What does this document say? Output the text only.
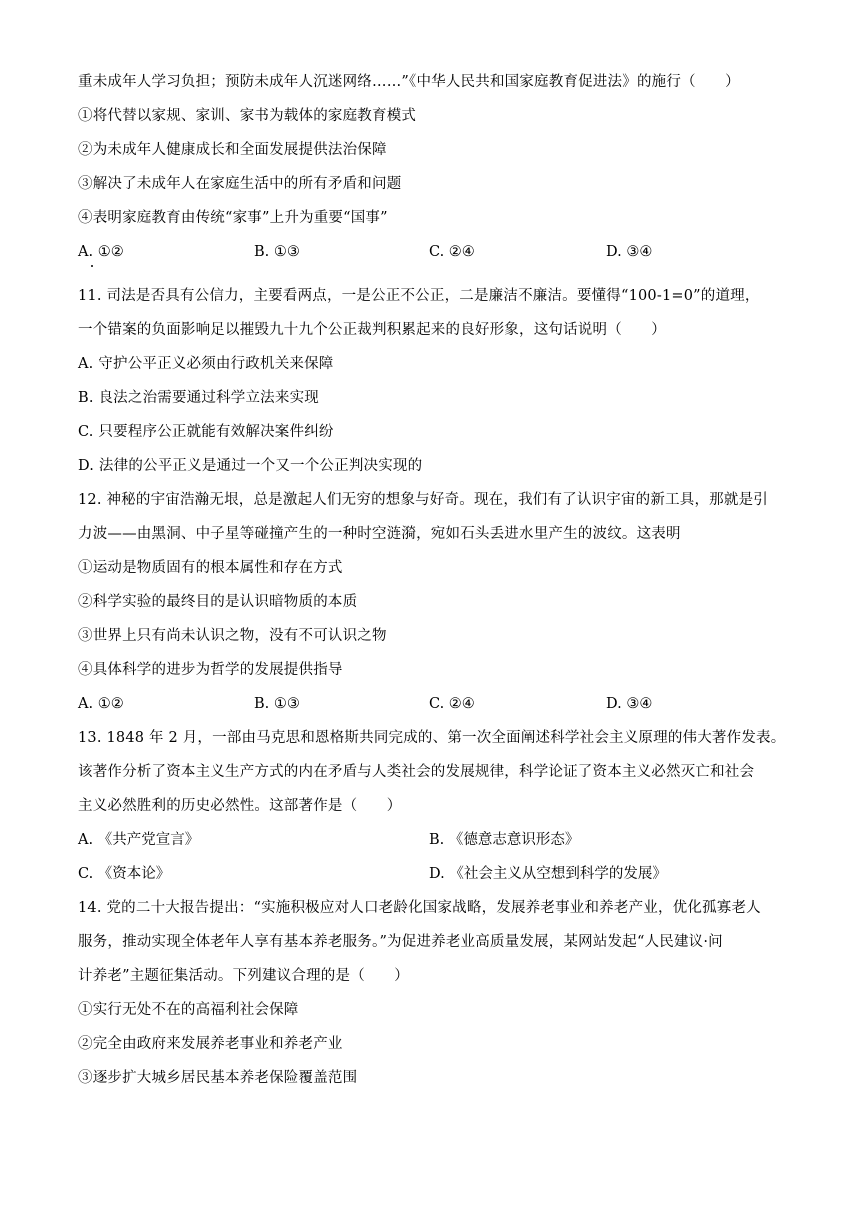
重未成年人学习负担；预防未成年人沉迷网络……”《中华人民共和国家庭教育促进法》的施行（　　）
①将代替以家规、家训、家书为载体的家庭教育模式
②为未成年人健康成长和全面发展提供法治保障
③解决了未成年人在家庭生活中的所有矛盾和问题
④表明家庭教育由传统“家事”上升为重要“国事”
A. ①②	B. ①③	C. ②④	D. ③④
11. 司法是否具有公信力，主要看两点，一是公正不公正，二是廉洁不廉洁。要懂得“100-1=0”的道理，
一个错案的负面影响足以摧毁九十九个公正裁判积累起来的良好形象，这句话说明（　　）
A. 守护公平正义必须由行政机关来保障
B. 良法之治需要通过科学立法来实现
C. 只要程序公正就能有效解决案件纠纷
D. 法律的公平正义是通过一个又一个公正判决实现的
12. 神秘的宇宙浩瀚无垠，总是激起人们无穷的想象与好奇。现在，我们有了认识宇宙的新工具，那就是引
力波——由黑洞、中子星等碰撞产生的一种时空涟漪，宛如石头丢进水里产生的波纹。这表明
①运动是物质固有的根本属性和存在方式
②科学实验的最终目的是认识暗物质的本质
③世界上只有尚未认识之物，没有不可认识之物
④具体科学的进步为哲学的发展提供指导
A. ①②	B. ①③	C. ②④	D. ③④
13. 1848 年 2 月，一部由马克思和恩格斯共同完成的、第一次全面阐述科学社会主义原理的伟大著作发表。
该著作分析了资本主义生产方式的内在矛盾与人类社会的发展规律，科学论证了资本主义必然灭亡和社会
主义必然胜利的历史必然性。这部著作是（　　）
A. 《共产党宣言》	B. 《德意志意识形态》
C. 《资本论》	D. 《社会主义从空想到科学的发展》
14. 党的二十大报告提出：“实施积极应对人口老龄化国家战略，发展养老事业和养老产业，优化孤寡老人
服务，推动实现全体老年人享有基本养老服务。”为促进养老业高质量发展，某网站发起“人民建议·问
计养老”主题征集活动。下列建议合理的是（　　）
①实行无处不在的高福利社会保障
②完全由政府来发展养老事业和养老产业
③逐步扩大城乡居民基本养老保险覆盖范围
